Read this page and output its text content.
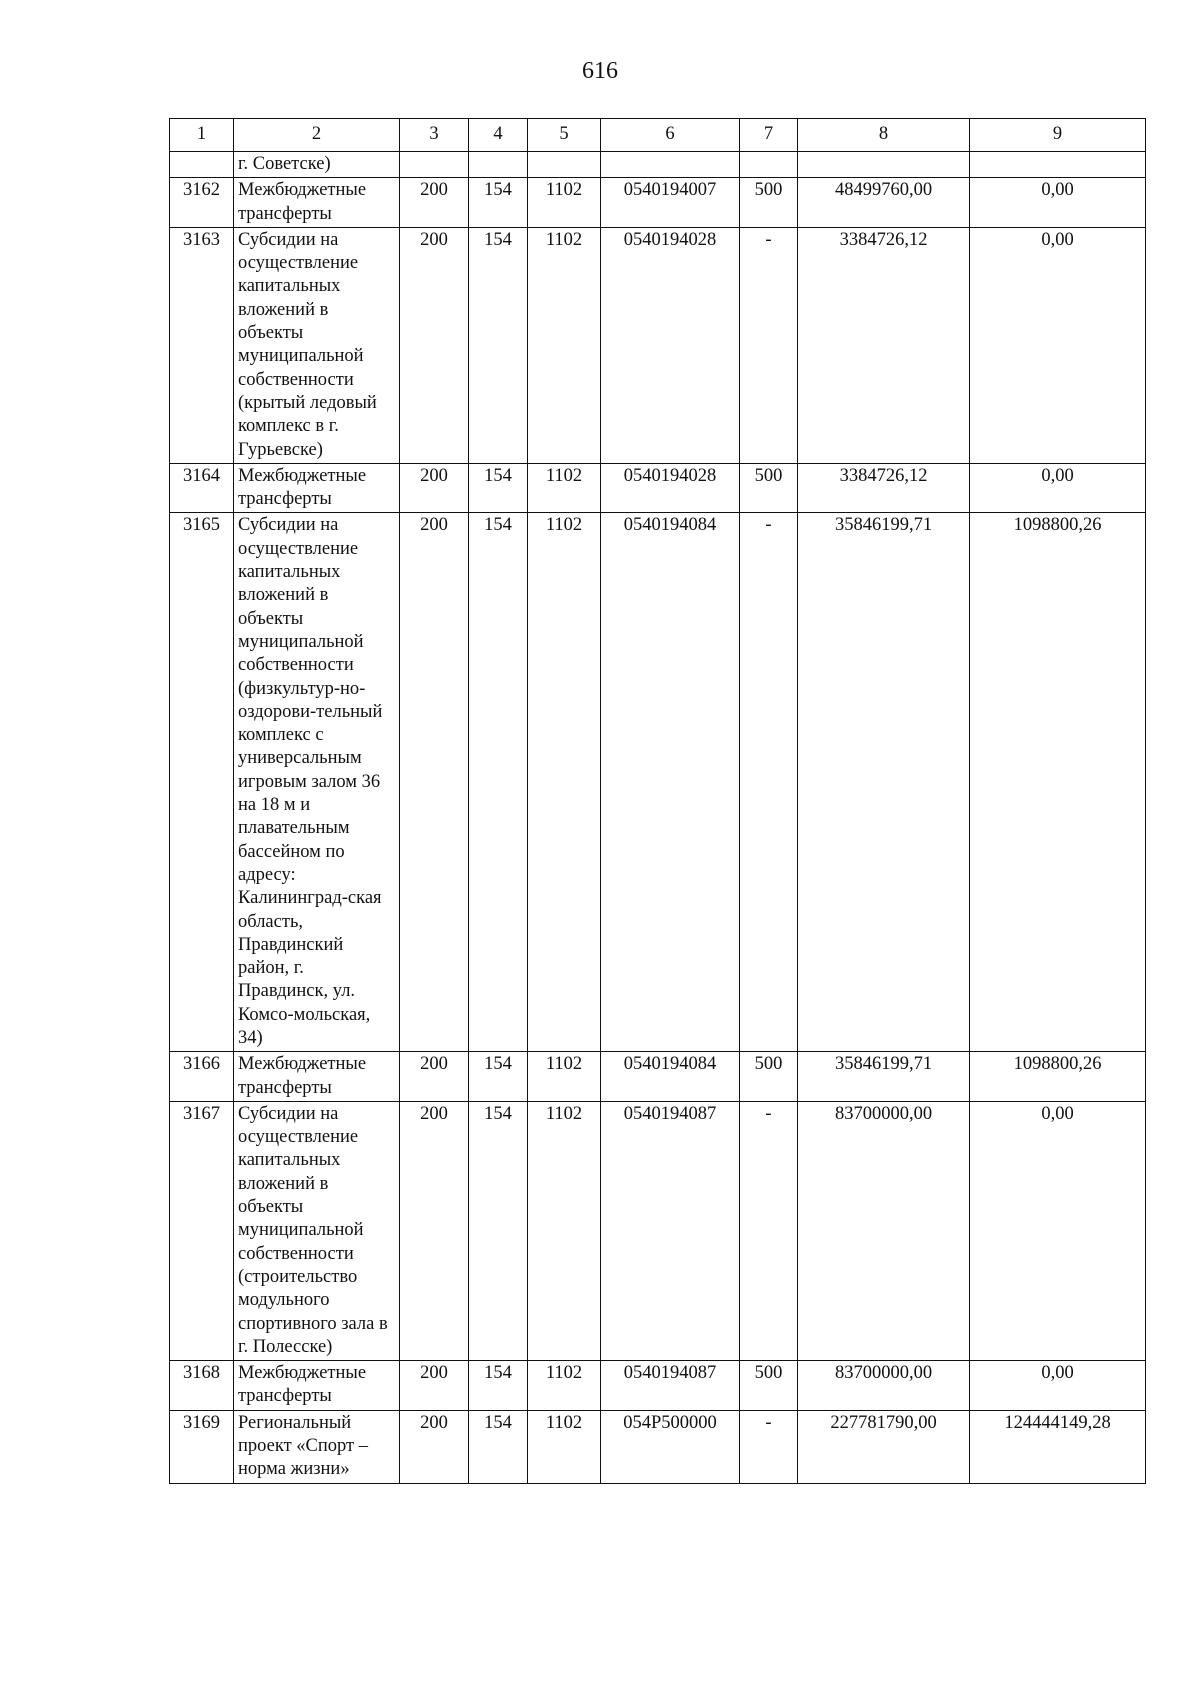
616
1	2	3	4	5	6	7	8	9
	г. Советске)							
3162	Межбюджетные трансферты	200	154	1102	0540194007	500	48499760,00	0,00
3163	Субсидии на осуществление капитальных вложений в объекты муниципальной собственности (крытый ледовый комплекс в г. Гурьевске)	200	154	1102	0540194028	-	3384726,12	0,00
3164	Межбюджетные трансферты	200	154	1102	0540194028	500	3384726,12	0,00
3165	Субсидии на осуществление капитальных вложений в объекты муниципальной собственности (физкультур-но-оздорови-тельный комплекс с универсальным игровым залом 36 на 18 м и плавательным бассейном по адресу: Калининград-ская область, Правдинский район, г. Правдинск, ул. Комсо-мольская, 34)	200	154	1102	0540194084	-	35846199,71	1098800,26
3166	Межбюджетные трансферты	200	154	1102	0540194084	500	35846199,71	1098800,26
3167	Субсидии на осуществление капитальных вложений в объекты муниципальной собственности (строительство модульного спортивного зала в г. Полесске)	200	154	1102	0540194087	-	83700000,00	0,00
3168	Межбюджетные трансферты	200	154	1102	0540194087	500	83700000,00	0,00
3169	Региональный проект «Спорт – норма жизни»	200	154	1102	054P500000	-	227781790,00	124444149,28
